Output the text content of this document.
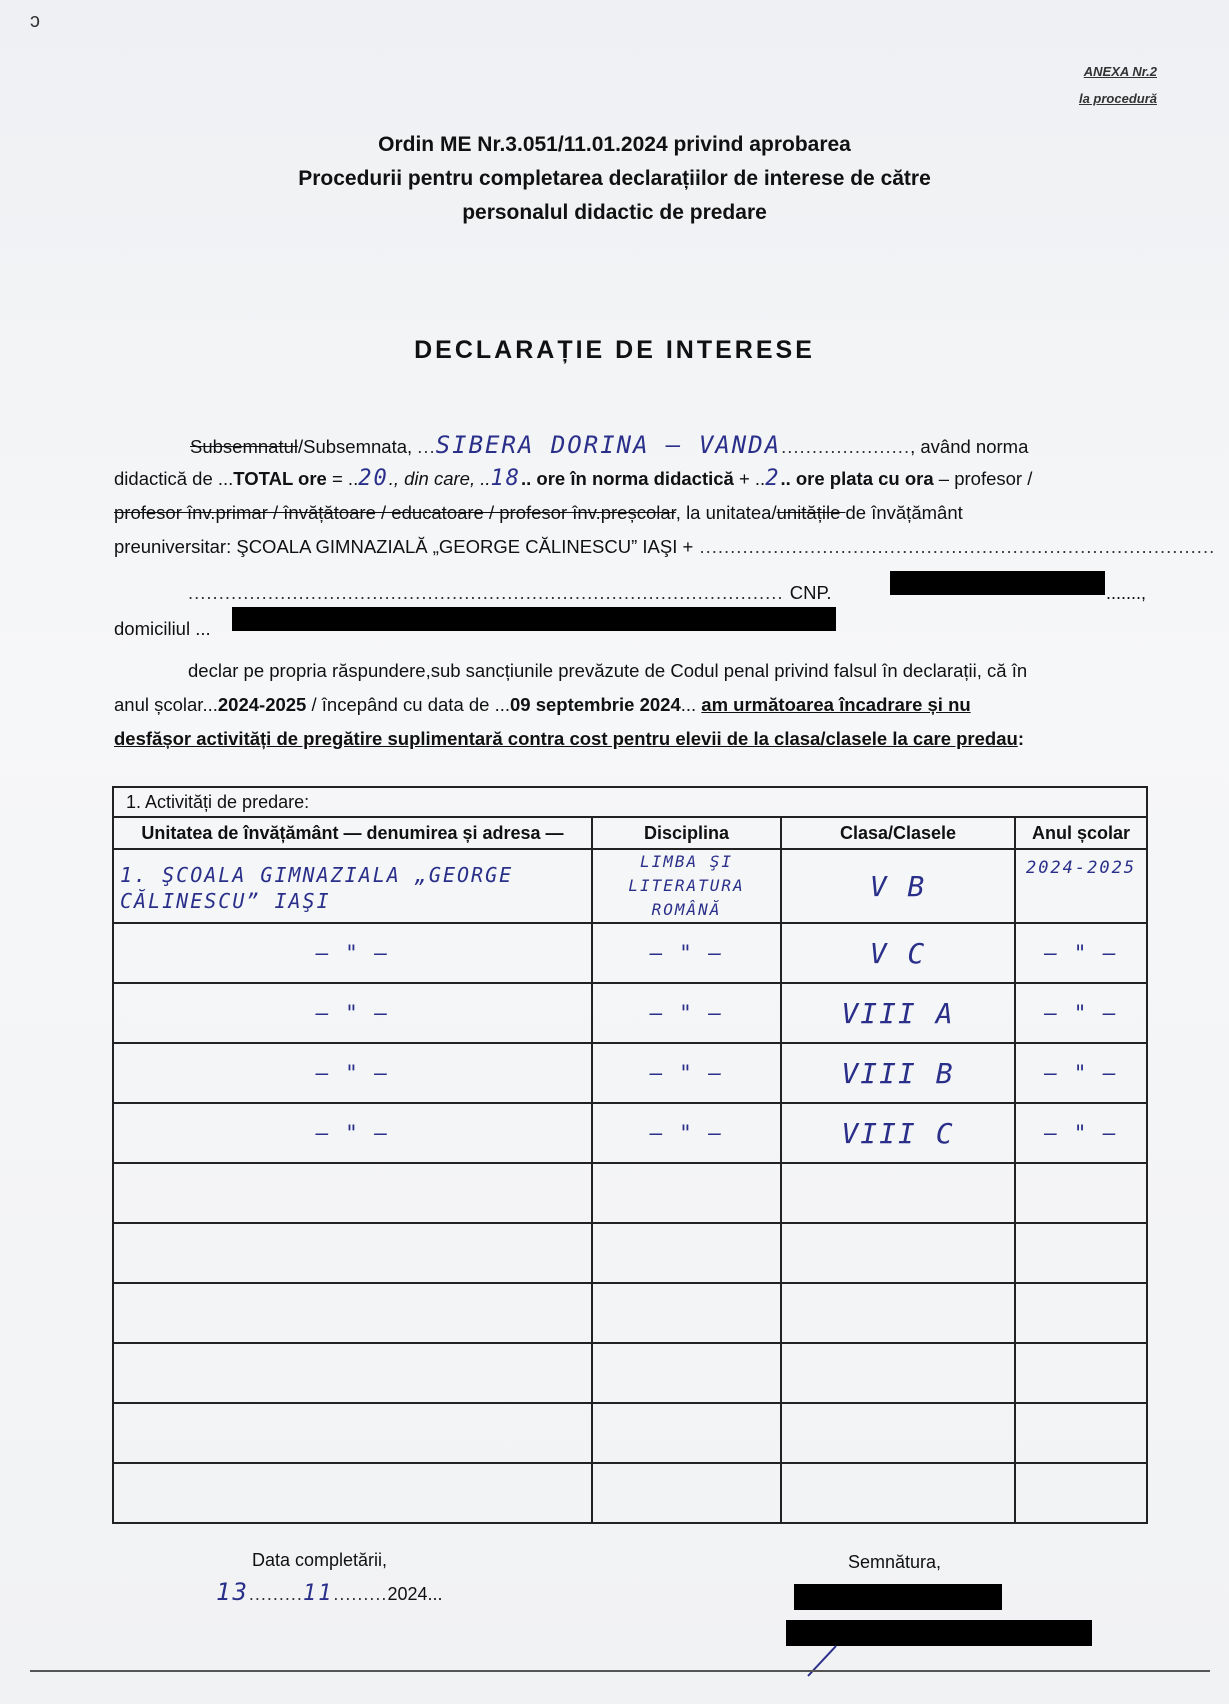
ↄ
ANEXA Nr.2
la procedură
Ordin ME Nr.3.051/11.01.2024 privind aprobarea
Procedurii pentru completarea declarațiilor de interese de către
personalul didactic de predare
DECLARAȚIE DE INTERESE
Subsemnatul/Subsemnata, ...SIBERA DORINA – VANDA....................., având norma
didactică de ...TOTAL ore = ..20., din care, ..18.. ore în norma didactică + ..2.. ore plata cu ora – profesor /
profesor înv.primar / învățătoare / educatoare / profesor înv.preșcolar, la unitatea/unitățile de învățământ
preuniversitar: ŞCOALA GIMNAZIALĂ „GEORGE CĂLINESCU” IAŞI + ....................................................................................
................................................................................................. CNP.	.......,
domiciliul ...
declar pe propria răspundere,sub sancțiunile prevăzute de Codul penal privind falsul în declarații, că în
anul școlar...2024-2025 / începând cu data de ...09 septembrie 2024... am următoarea încadrare și nu
desfășor activități de pregătire suplimentară contra cost pentru elevii de la clasa/clasele la care predau:
1. Activități de predare:			
Unitatea de învățământ — denumirea și adresa —	Disciplina	Clasa/Clasele	Anul școlar
1. ŞCOALA GIMNAZIALA „GEORGE CĂLINESCU” IAŞI	LIMBA ŞI LITERATURA ROMÂNĂ	V B	2024-2025
— " —	— " —	V C	— " —
— " —	— " —	VIII A	— " —
— " —	— " —	VIII B	— " —
— " —	— " —	VIII C	— " —

Data completării,
13.........11.........2024...
Semnătura,
